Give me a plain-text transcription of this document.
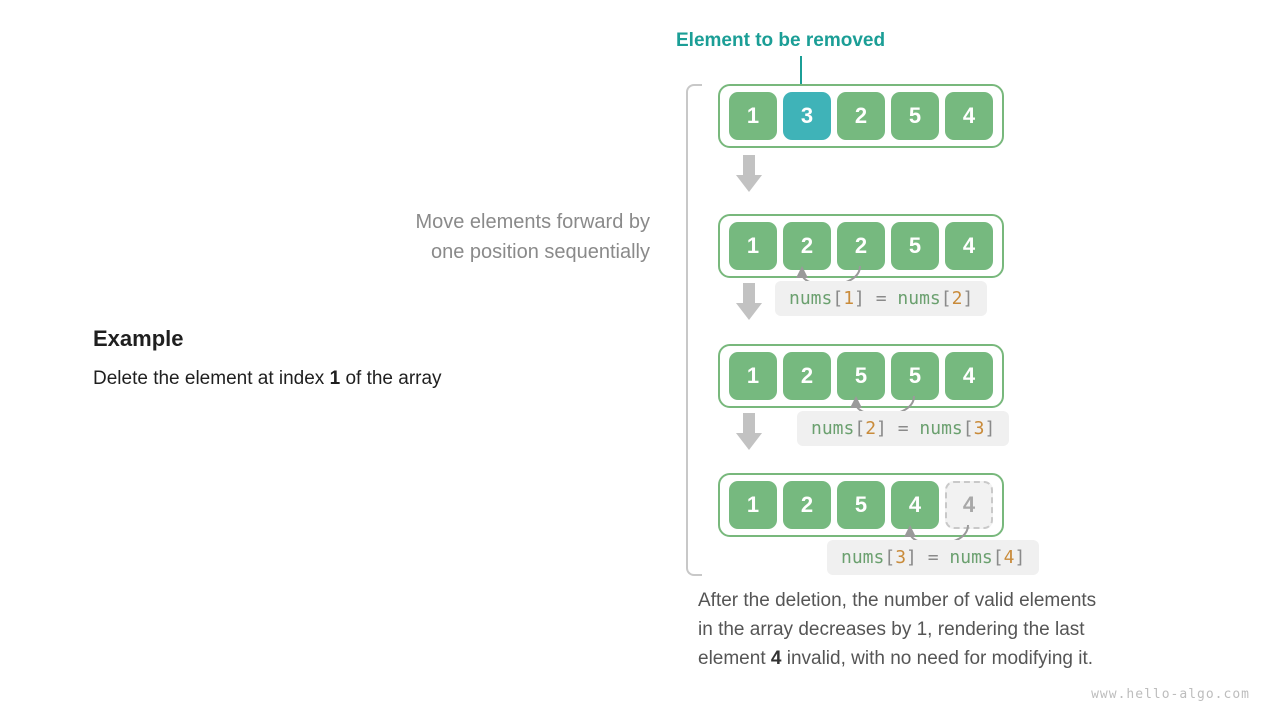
Move elements forward by
one position sequentially
Example
Delete the element at index 1 of the array
Element to be removed
1	3	2	5	4
1	2	2	5	4
nums[1] = nums[2]
1	2	5	5	4
nums[2] = nums[3]
1	2	5	4	4
nums[3] = nums[4]
After the deletion, the number of valid elements
in the array decreases by 1, rendering the last
element 4 invalid, with no need for modifying it.
www.hello-algo.com
